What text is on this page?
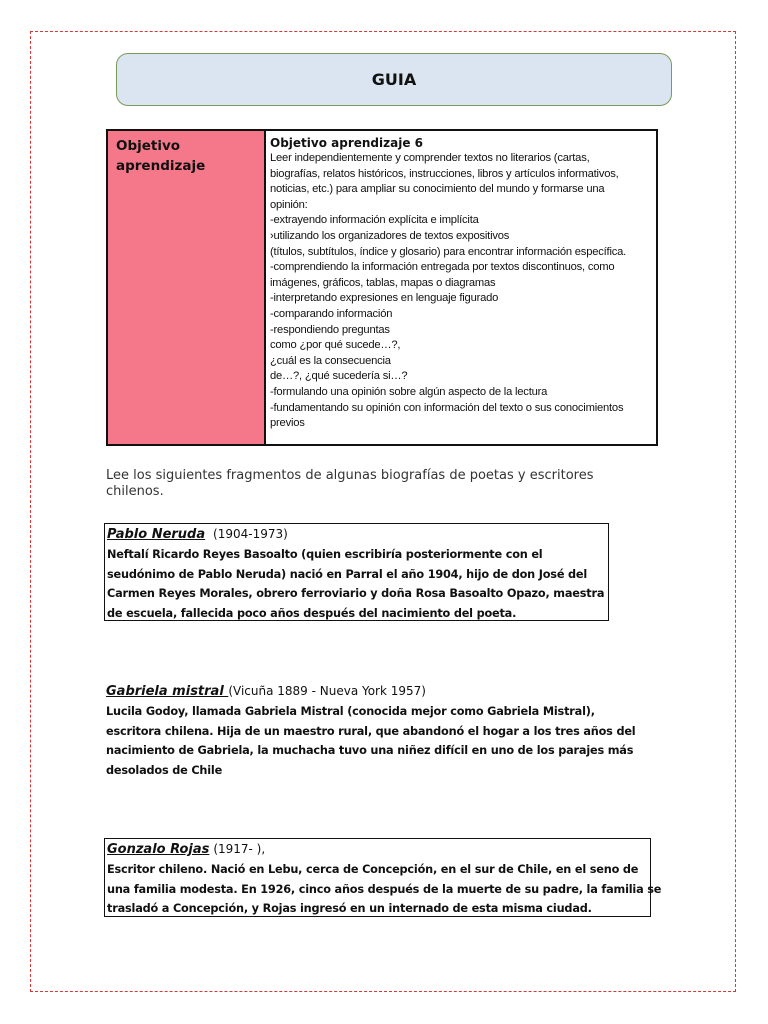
GUIA
Objetivo aprendizaje
Objetivo aprendizaje 6
Leer independientemente y comprender textos no literarios (cartas,
biografías, relatos históricos, instrucciones, libros y artículos informativos,
noticias, etc.) para ampliar su conocimiento del mundo y formarse una
opinión:
-extrayendo información explícita e implícita
›utilizando los organizadores de textos expositivos
(títulos, subtítulos, índice y glosario) para encontrar información específica.
-comprendiendo la información entregada por textos discontinuos, como
imágenes, gráficos, tablas, mapas o diagramas
-interpretando expresiones en lenguaje figurado
-comparando información
-respondiendo preguntas
como ¿por qué sucede…?,
¿cuál es la consecuencia
de…?, ¿qué sucedería si…?
-formulando una opinión sobre algún aspecto de la lectura
-fundamentando su opinión con información del texto o sus conocimientos
previos
Lee los siguientes fragmentos de algunas biografías de poetas y escritores chilenos.
Pablo Neruda (1904-1973)
Neftalí Ricardo Reyes Basoalto (quien escribiría posteriormente con el
seudónimo de Pablo Neruda) nació en Parral el año 1904, hijo de don José del
Carmen Reyes Morales, obrero ferroviario y doña Rosa Basoalto Opazo, maestra
de escuela, fallecida poco años después del nacimiento del poeta.
Gabriela mistral (Vicuña 1889 - Nueva York 1957)
Lucila Godoy, llamada Gabriela Mistral (conocida mejor como Gabriela Mistral),
escritora chilena. Hija de un maestro rural, que abandonó el hogar a los tres años del
nacimiento de Gabriela, la muchacha tuvo una niñez difícil en uno de los parajes más
desolados de Chile
Gonzalo Rojas (1917- ),
Escritor chileno. Nació en Lebu, cerca de Concepción, en el sur de Chile, en el seno de
una familia modesta. En 1926, cinco años después de la muerte de su padre, la familia se
trasladó a Concepción, y Rojas ingresó en un internado de esta misma ciudad.
